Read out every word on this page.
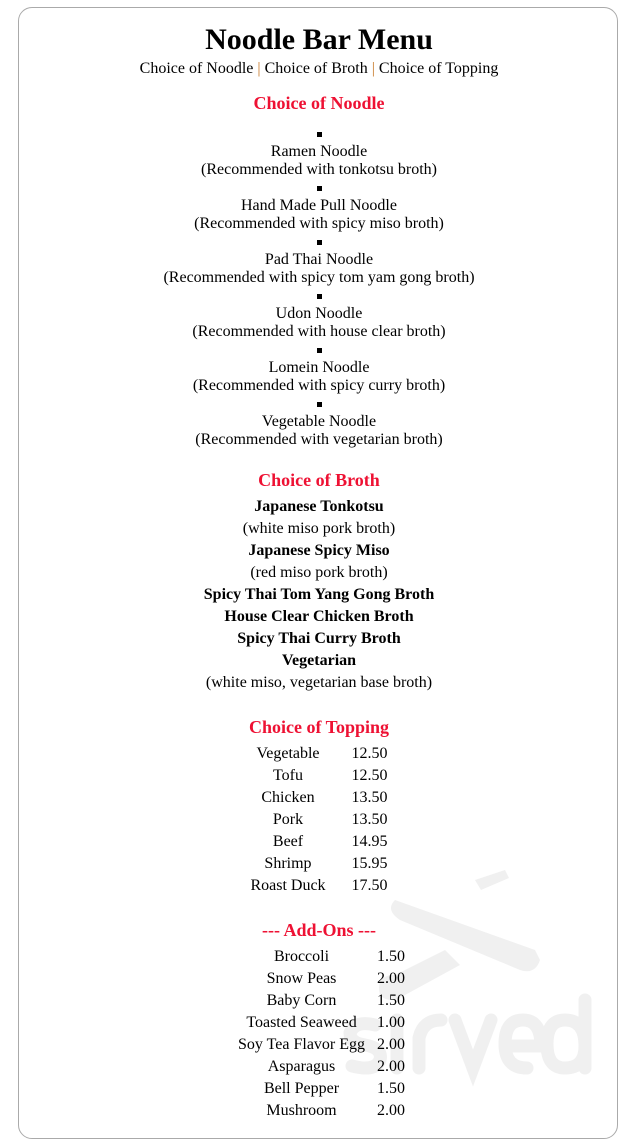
Noodle Bar Menu
Choice of Noodle | Choice of Broth | Choice of Topping
Choice of Noodle
Ramen Noodle
(Recommended with tonkotsu broth)
Hand Made Pull Noodle
(Recommended with spicy miso broth)
Pad Thai Noodle
(Recommended with spicy tom yam gong broth)
Udon Noodle
(Recommended with house clear broth)
Lomein Noodle
(Recommended with spicy curry broth)
Vegetable Noodle
(Recommended with vegetarian broth)
Choice of Broth
Japanese Tonkotsu
(white miso pork broth)
Japanese Spicy Miso
(red miso pork broth)
Spicy Thai Tom Yang Gong Broth
House Clear Chicken Broth
Spicy Thai Curry Broth
Vegetarian
(white miso, vegetarian base broth)
Choice of Topping
Vegetable	12.50
Tofu	12.50
Chicken	13.50
Pork	13.50
Beef	14.95
Shrimp	15.95
Roast Duck	17.50
--- Add-Ons ---
Broccoli	1.50
Snow Peas	2.00
Baby Corn	1.50
Toasted Seaweed	1.00
Soy Tea Flavor Egg	2.00
Asparagus	2.00
Bell Pepper	1.50
Mushroom	2.00
